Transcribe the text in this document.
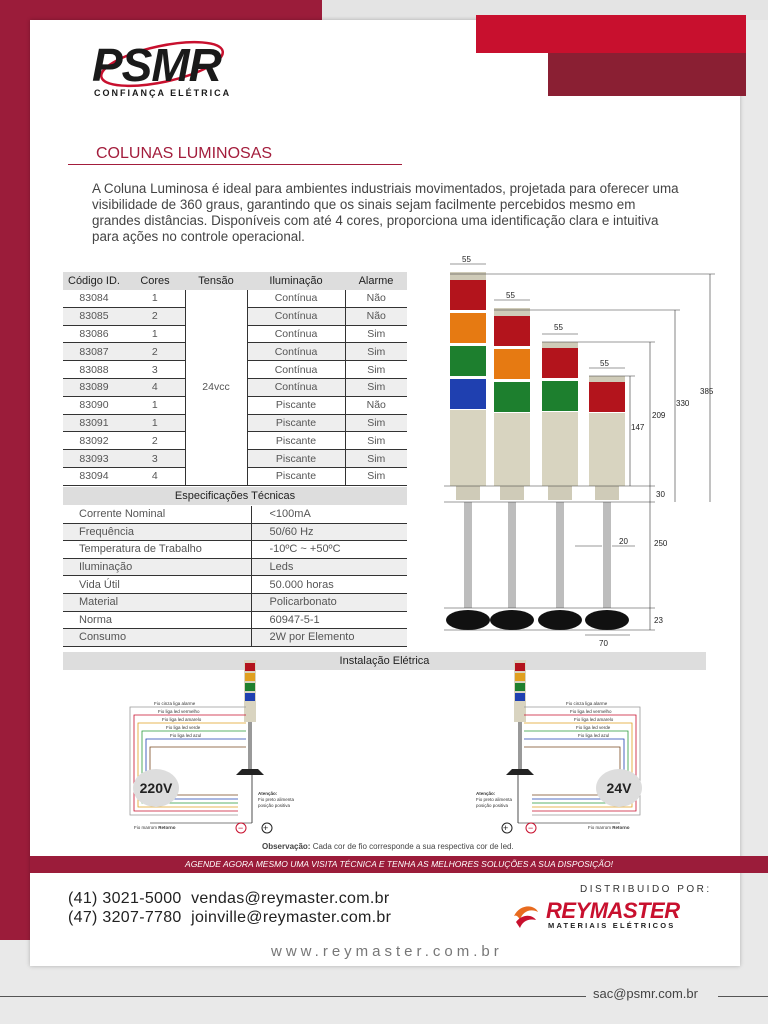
PSMR
CONFIANÇA ELÉTRICA
COLUNAS LUMINOSAS
A Coluna Luminosa é ideal para ambientes industriais movimentados, projetada para oferecer uma visibilidade de 360 graus, garantindo que os sinais sejam facilmente percebidos mesmo em grandes distâncias. Disponíveis com até 4 cores, proporciona uma identificação clara e intuitiva para ações no controle operacional.
Código ID.	Cores	Tensão	Iluminação	Alarme
83084	1	24vcc	Contínua	Não
83085	2		Contínua	Não
83086	1		Contínua	Sim
83087	2		Contínua	Sim
83088	3		Contínua	Sim
83089	4		Contínua	Sim
83090	1		Piscante	Não
83091	1		Piscante	Sim
83092	2		Piscante	Sim
83093	3		Piscante	Sim
83094	4		Piscante	Sim
Especificações Técnicas
Corrente Nominal	<100mA
Frequência	50/60 Hz
Temperatura de Trabalho	-10ºC ~ +50ºC
Iluminação	Leds
Vida Útil	50.000 horas
Material	Policarbonato
Norma	60947-5-1
Consumo	2W por Elemento
55
55
55
55
385
330
209
147
30
250
20
23
70
Instalação Elétrica
Fio cinza liga alarme
Fio liga led vermelho
Fio liga led amarelo
Fio liga led verde
Fio liga led azul
Fio cinza liga alarme
Fio liga led vermelho
Fio liga led amarelo
Fio liga led verde
Fio liga led azul
Atenção:
Fio preto alimenta
posição positiva
Atenção:
Fio preto alimenta
posição positiva
Fio marrom Retorno	Fio marrom Retorno
− +	+ −
220V	24V
Observação: Cada cor de fio corresponde a sua respectiva cor de led.
AGENDE AGORA MESMO UMA VISITA TÉCNICA E TENHA AS MELHORES SOLUÇÕES A SUA DISPOSIÇÃO!
(41) 3021-5000 vendas@reymaster.com.br
(47) 3207-7780 joinville@reymaster.com.br
DISTRIBUIDO POR:
REYMASTER
MATERIAIS ELÉTRICOS
www.reymaster.com.br
sac@psmr.com.br
